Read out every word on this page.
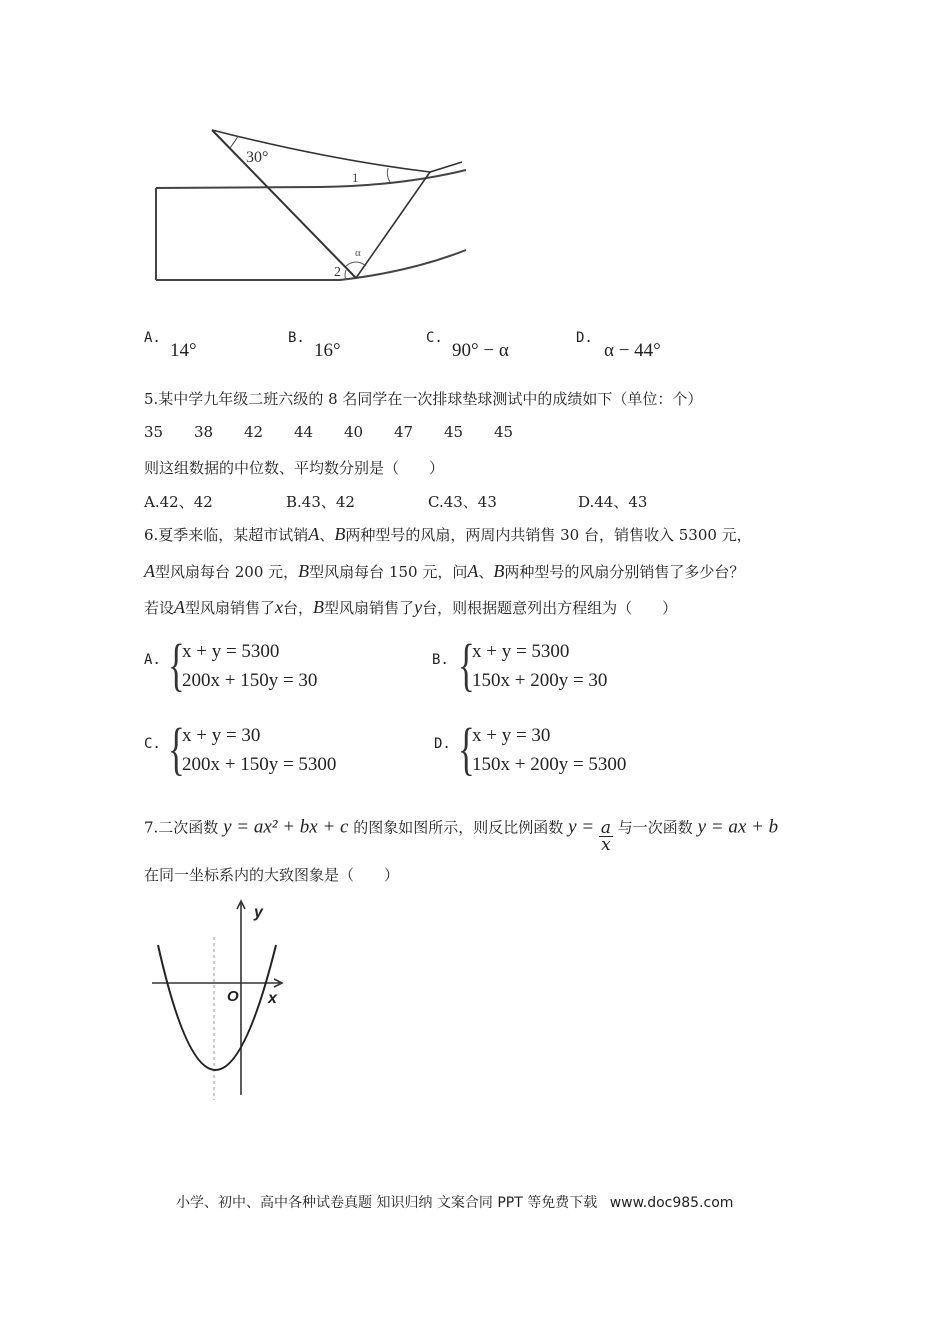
30°
1
2
α
A.
14°
B.
16°
C.
90° − α
D.
α − 44°
5.某中学九年级二班六级的 8 名同学在一次排球垫球测试中的成绩如下（单位：个）
35 38 42 44 40 47 45 45
则这组数据的中位数、平均数分别是（　　）
A.42、42	B.43、42	C.43、43	D.44、43
6.夏季来临，某超市试销A、B两种型号的风扇，两周内共销售 30 台，销售收入 5300 元，
A型风扇每台 200 元，B型风扇每台 150 元，问A、B两种型号的风扇分别销售了多少台？
若设A型风扇销售了x台，B型风扇销售了y台，则根据题意列出方程组为（　　）
A. {
x + y = 5300
200x + 150y = 30
B. {
x + y = 5300
150x + 200y = 30
C. {
x + y = 30
200x + 150y = 5300
D. {
x + y = 30
150x + 200y = 5300
7.二次函数 y = ax² + bx + c 的图象如图所示，则反比例函数 $y = \frac{a}{x}$ 与一次函数 y = ax + b
在同一坐标系内的大致图象是（　　）
y
x
O
小学、初中、高中各种试卷真题 知识归纳 文案合同 PPT 等免费下载 www.doc985.com
